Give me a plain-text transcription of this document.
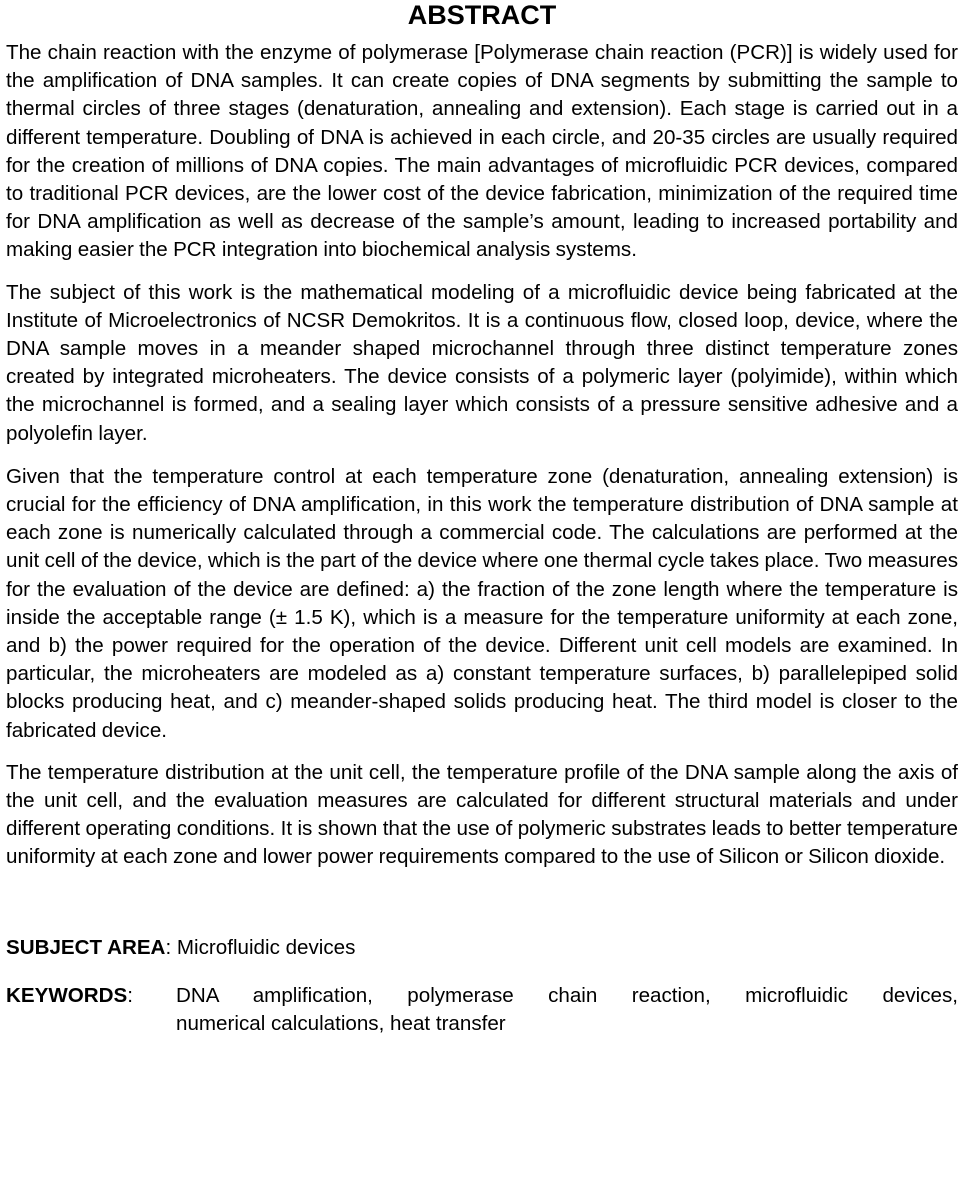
ABSTRACT

The chain reaction with the enzyme of polymerase [Polymerase chain reaction (PCR)] is widely used for the amplification of DNA samples. It can create copies of DNA segments by submitting the sample to thermal circles of three stages (denaturation, annealing and extension). Each stage is carried out in a different temperature. Doubling of DNA is achieved in each circle, and 20-35 circles are usually required for the creation of millions of DNA copies. The main advantages of microfluidic PCR devices, compared to traditional PCR devices, are the lower cost of the device fabrication, minimization of the required time for DNA amplification as well as decrease of the sample’s amount, leading to increased portability and making easier the PCR integration into biochemical analysis systems.

The subject of this work is the mathematical modeling of a microfluidic device being fabricated at the Institute of Microelectronics of NCSR Demokritos. It is a continuous flow, closed loop, device, where the DNA sample moves in a meander shaped microchannel through three distinct temperature zones created by integrated microheaters. The device consists of a polymeric layer (polyimide), within which the microchannel is formed, and a sealing layer which consists of a pressure sensitive adhesive and a polyolefin layer.

Given that the temperature control at each temperature zone (denaturation, annealing extension) is crucial for the efficiency of DNA amplification, in this work the temperature distribution of DNA sample at each zone is numerically calculated through a commercial code. The calculations are performed at the unit cell of the device, which is the part of the device where one thermal cycle takes place. Two measures for the evaluation of the device are defined: a) the fraction of the zone length where the temperature is inside the acceptable range (± 1.5 K), which is a measure for the temperature uniformity at each zone, and b) the power required for the operation of the device. Different unit cell models are examined. In particular, the microheaters are modeled as a) constant temperature surfaces, b) parallelepiped solid blocks producing heat, and c) meander-shaped solids producing heat. The third model is closer to the fabricated device.

The temperature distribution at the unit cell, the temperature profile of the DNA sample along the axis of the unit cell, and the evaluation measures are calculated for different structural materials and under different operating conditions. It is shown that the use of polymeric substrates leads to better temperature uniformity at each zone and lower power requirements compared to the use of Silicon or Silicon dioxide.

SUBJECT AREA: Microfluidic devices

KEYWORDS:	DNA amplification, polymerase chain reaction, microfluidic devices,
numerical calculations, heat transfer
